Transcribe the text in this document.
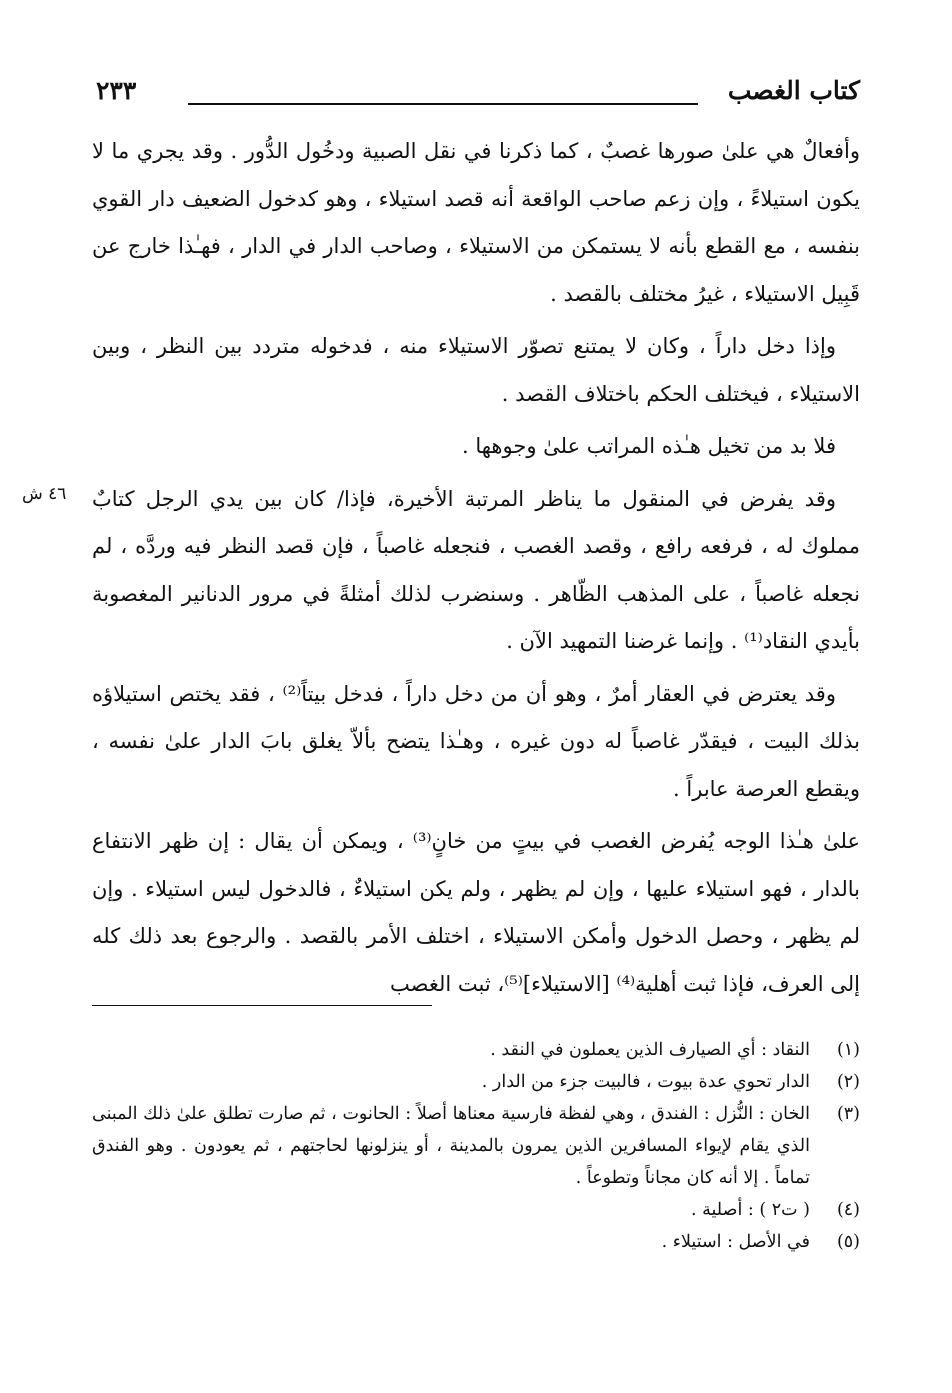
كتاب الغصب
٢٣٣
٤٦ ش

وأفعالٌ هي علىٰ صورها غصبٌ ، كما ذكرنا في نقل الصبية ودخُول الدُّور . وقد يجري ما لا يكون استيلاءً ، وإن زعم صاحب الواقعة أنه قصد استيلاء ، وهو كدخول الضعيف دار القوي بنفسه ، مع القطع بأنه لا يستمكن من الاستيلاء ، وصاحب الدار في الدار ، فهـٰذا خارج عن قَبِيل الاستيلاء ، غيرُ مختلف بالقصد .

وإذا دخل داراً ، وكان لا يمتنع تصوّر الاستيلاء منه ، فدخوله متردد بين النظر ، وبين الاستيلاء ، فيختلف الحكم باختلاف القصد .

فلا بد من تخيل هـٰذه المراتب علىٰ وجوهها .

وقد يفرض في المنقول ما يناظر المرتبة الأخيرة، فإذا/ كان بين يدي الرجل كتابٌ مملوك له ، فرفعه رافع ، وقصد الغصب ، فنجعله غاصباً ، فإن قصد النظر فيه وردَّه ، لم نجعله غاصباً ، على المذهب الظّاهر . وسنضرب لذلك أمثلةً في مرور الدنانير المغصوبة بأيدي النقاد⁽¹⁾ . وإنما غرضنا التمهيد الآن .

وقد يعترض في العقار أمرٌ ، وهو أن من دخل داراً ، فدخل بيتاً⁽²⁾ ، فقد يختص استيلاؤه بذلك البيت ، فيقدّر غاصباً له دون غيره ، وهـٰذا يتضح بألاّ يغلق بابَ الدار علىٰ نفسه ، ويقطع العرصة عابراً .

علىٰ هـٰذا الوجه يُفرض الغصب في بيتٍ من خانٍ⁽³⁾ ، ويمكن أن يقال : إن ظهر الانتفاع بالدار ، فهو استيلاء عليها ، وإن لم يظهر ، ولم يكن استيلاءٌ ، فالدخول ليس استيلاء . وإن لم يظهر ، وحصل الدخول وأمكن الاستيلاء ، اختلف الأمر بالقصد . والرجوع بعد ذلك كله إلى العرف، فإذا ثبت أهلية⁽⁴⁾ [الاستيلاء]⁽⁵⁾، ثبت الغصب

(١)
النقاد : أي الصيارف الذين يعملون في النقد .
(٢)
الدار تحوي عدة بيوت ، فالبيت جزء من الدار .
(٣)
الخان : النُّزل : الفندق ، وهي لفظة فارسية معناها أصلاً : الحانوت ، ثم صارت تطلق علىٰ ذلك المبنى الذي يقام لإيواء المسافرين الذين يمرون بالمدينة ، أو ينزلونها لحاجتهم ، ثم يعودون . وهو الفندق تماماً . إلا أنه كان مجاناً وتطوعاً .
(٤)
( ت٢ ) : أصلية .
(٥)
في الأصل : استيلاء .
